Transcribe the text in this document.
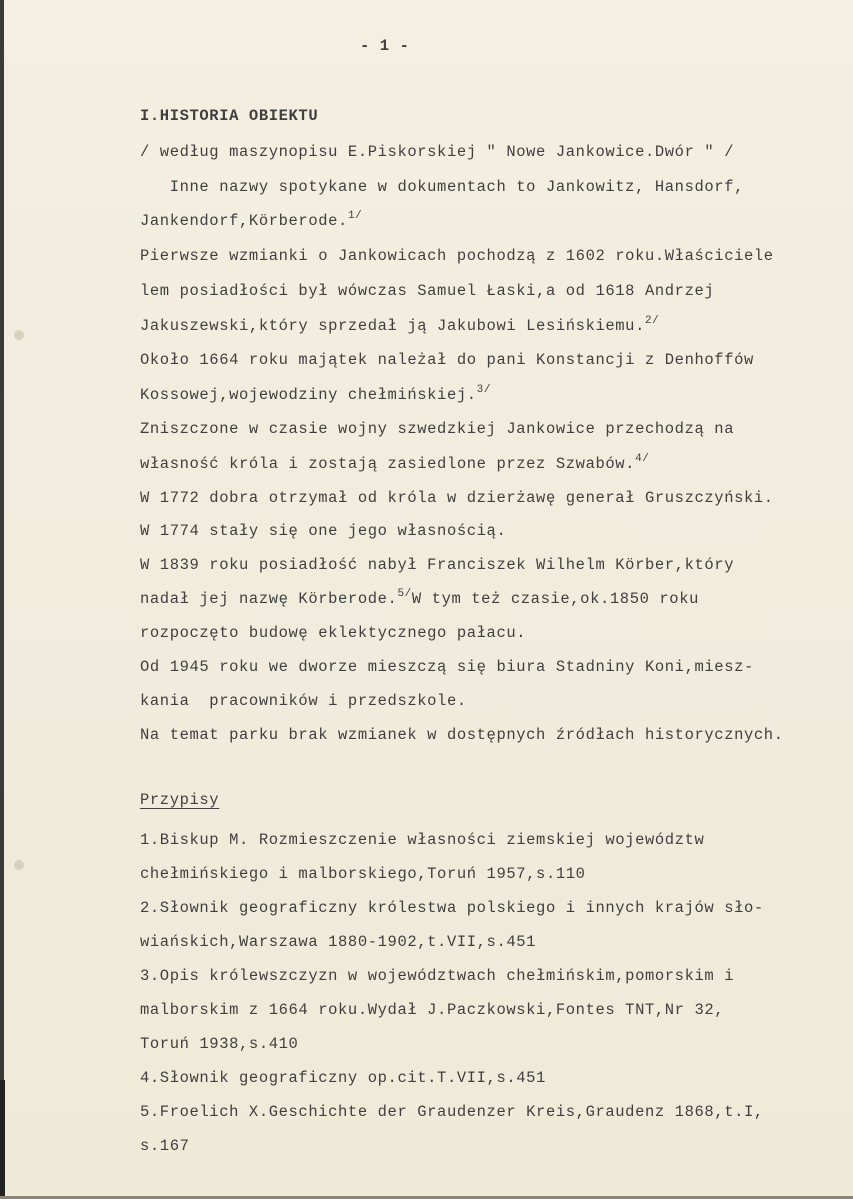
- 1 -
I.HISTORIA OBIEKTU
/ według maszynopisu E.Piskorskiej " Nowe Jankowice.Dwór " /
Inne nazwy spotykane w dokumentach to Jankowitz, Hansdorf,
Jankendorf,Körberode.$^{1/}$
Pierwsze wzmianki o Jankowicach pochodzą z 1602 roku.Właściciele
lem posiadłości był wówczas Samuel Łaski,a od 1618 Andrzej
Jakuszewski,który sprzedał ją Jakubowi Lesińskiemu.$^{2/}$
Około 1664 roku majątek należał do pani Konstancji z Denhoffów
Kossowej,wojewodziny chełmińskiej.$^{3/}$
Zniszczone w czasie wojny szwedzkiej Jankowice przechodzą na
własność króla i zostają zasiedlone przez Szwabów.$^{4/}$
W 1772 dobra otrzymał od króla w dzierżawę generał Gruszczyński.
W 1774 stały się one jego własnością.
W 1839 roku posiadłość nabył Franciszek Wilhelm Körber,który
nadał jej nazwę Körberode.$^{5/}$W tym też czasie,ok.1850 roku
rozpoczęto budowę eklektycznego pałacu.
Od 1945 roku we dworze mieszczą się biura Stadniny Koni,miesz-
kania  pracowników i przedszkole.
Na temat parku brak wzmianek w dostępnych źródłach historycznych.
Przypisy
1.Biskup M. Rozmieszczenie własności ziemskiej województw
chełmińskiego i malborskiego,Toruń 1957,s.110
2.Słownik geograficzny królestwa polskiego i innych krajów sło-
wiańskich,Warszawa 1880-1902,t.VII,s.451
3.Opis królewszczyzn w województwach chełmińskim,pomorskim i
malborskim z 1664 roku.Wydał J.Paczkowski,Fontes TNT,Nr 32,
Toruń 1938,s.410
4.Słownik geograficzny op.cit.T.VII,s.451
5.Froelich X.Geschichte der Graudenzer Kreis,Graudenz 1868,t.I,
s.167
